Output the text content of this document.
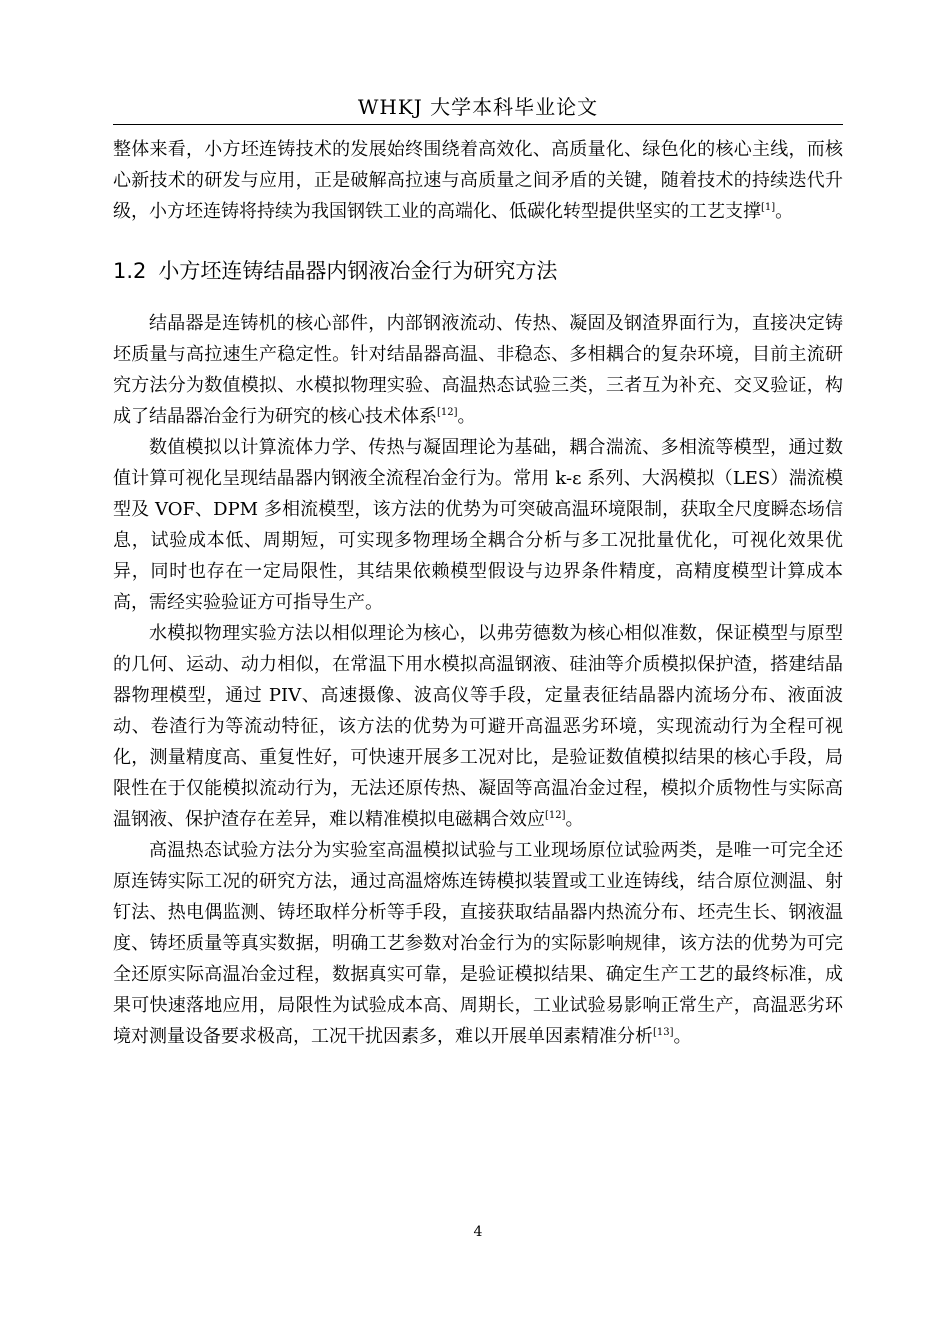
WHKJ 大学本科毕业论文

整体来看，小方坯连铸技术的发展始终围绕着高效化、高质量化、绿色化的核心主线，而核心新技术的研发与应用，正是破解高拉速与高质量之间矛盾的关键，随着技术的持续迭代升级，小方坯连铸将持续为我国钢铁工业的高端化、低碳化转型提供坚实的工艺支撑[1]。

1.2 小方坯连铸结晶器内钢液冶金行为研究方法

结晶器是连铸机的核心部件，内部钢液流动、传热、凝固及钢渣界面行为，直接决定铸坯质量与高拉速生产稳定性。针对结晶器高温、非稳态、多相耦合的复杂环境，目前主流研究方法分为数值模拟、水模拟物理实验、高温热态试验三类，三者互为补充、交叉验证，构成了结晶器冶金行为研究的核心技术体系[12]。

数值模拟以计算流体力学、传热与凝固理论为基础，耦合湍流、多相流等模型，通过数值计算可视化呈现结晶器内钢液全流程冶金行为。常用 k-ε 系列、大涡模拟（LES）湍流模型及 VOF、DPM 多相流模型，该方法的优势为可突破高温环境限制，获取全尺度瞬态场信息，试验成本低、周期短，可实现多物理场全耦合分析与多工况批量优化，可视化效果优异，同时也存在一定局限性，其结果依赖模型假设与边界条件精度，高精度模型计算成本高，需经实验验证方可指导生产。

水模拟物理实验方法以相似理论为核心，以弗劳德数为核心相似准数，保证模型与原型的几何、运动、动力相似，在常温下用水模拟高温钢液、硅油等介质模拟保护渣，搭建结晶器物理模型，通过 PIV、高速摄像、波高仪等手段，定量表征结晶器内流场分布、液面波动、卷渣行为等流动特征，该方法的优势为可避开高温恶劣环境，实现流动行为全程可视化，测量精度高、重复性好，可快速开展多工况对比，是验证数值模拟结果的核心手段，局限性在于仅能模拟流动行为，无法还原传热、凝固等高温冶金过程，模拟介质物性与实际高温钢液、保护渣存在差异，难以精准模拟电磁耦合效应[12]。

高温热态试验方法分为实验室高温模拟试验与工业现场原位试验两类，是唯一可完全还原连铸实际工况的研究方法，通过高温熔炼连铸模拟装置或工业连铸线，结合原位测温、射钉法、热电偶监测、铸坯取样分析等手段，直接获取结晶器内热流分布、坯壳生长、钢液温度、铸坯质量等真实数据，明确工艺参数对冶金行为的实际影响规律，该方法的优势为可完全还原实际高温冶金过程，数据真实可靠，是验证模拟结果、确定生产工艺的最终标准，成果可快速落地应用，局限性为试验成本高、周期长，工业试验易影响正常生产，高温恶劣环境对测量设备要求极高，工况干扰因素多，难以开展单因素精准分析[13]。

4
